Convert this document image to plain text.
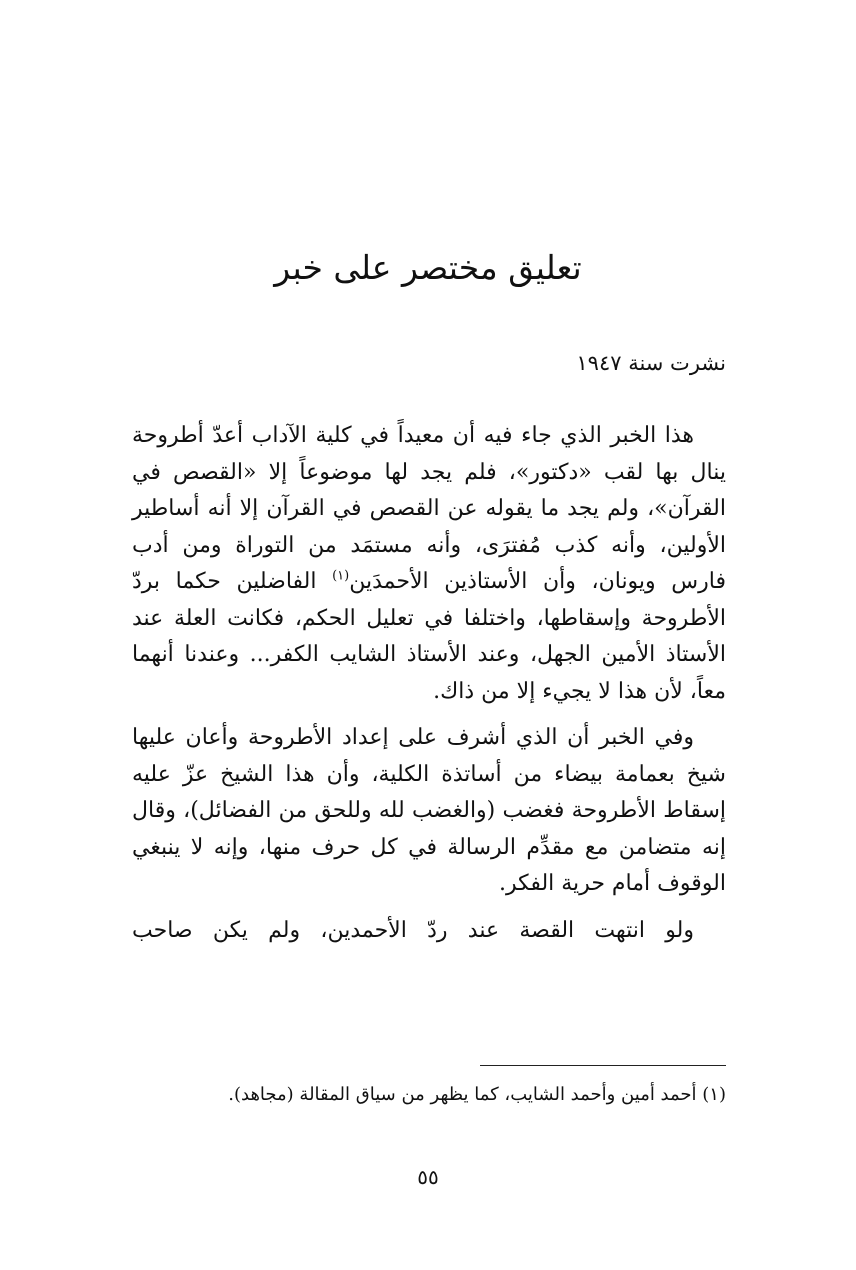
تعليق مختصر على خبر

نشرت سنة ١٩٤٧

هذا الخبر الذي جاء فيه أن معيداً في كلية الآداب أعدّ أطروحة ينال بها لقب «دكتور»، فلم يجد لها موضوعاً إلا «القصص في القرآن»، ولم يجد ما يقوله عن القصص في القرآن إلا أنه أساطير الأولين، وأنه كذب مُفترَى، وأنه مستمَد من التوراة ومن أدب فارس ويونان، وأن الأستاذين الأحمدَين$^{(١)}$ الفاضلين حكما بردّ الأطروحة وإسقاطها، واختلفا في تعليل الحكم، فكانت العلة عند الأستاذ الأمين الجهل، وعند الأستاذ الشايب الكفر... وعندنا أنهما معاً، لأن هذا لا يجيء إلا من ذاك.

وفي الخبر أن الذي أشرف على إعداد الأطروحة وأعان عليها شيخ بعمامة بيضاء من أساتذة الكلية، وأن هذا الشيخ عزّ عليه إسقاط الأطروحة فغضب (والغضب لله وللحق من الفضائل)، وقال إنه متضامن مع مقدِّم الرسالة في كل حرف منها، وإنه لا ينبغي الوقوف أمام حرية الفكر.

ولو انتهت القصة عند ردّ الأحمدين، ولم يكن صاحب

(١) أحمد أمين وأحمد الشايب، كما يظهر من سياق المقالة (مجاهد).

٥٥
